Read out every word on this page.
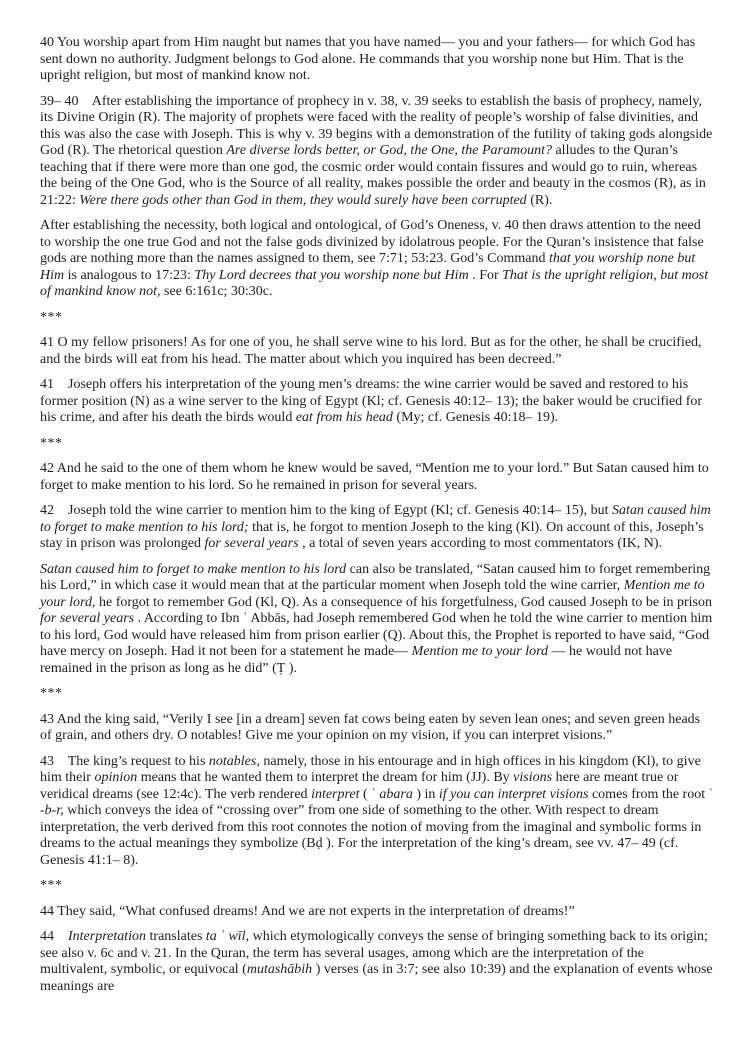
40 You worship apart from Him naught but names that you have named— you and your fathers— for which God has sent down no authority. Judgment belongs to God alone. He commands that you worship none but Him. That is the upright religion, but most of mankind know not.

39– 40    After establishing the importance of prophecy in v. 38, v. 39 seeks to establish the basis of prophecy, namely, its Divine Origin (R). The majority of prophets were faced with the reality of people’s worship of false divinities, and this was also the case with Joseph. This is why v. 39 begins with a demonstration of the futility of taking gods alongside God (R). The rhetorical question Are diverse lords better, or God, the One, the Paramount? alludes to the Quran’s teaching that if there were more than one god, the cosmic order would contain fissures and would go to ruin, whereas the being of the One God, who is the Source of all reality, makes possible the order and beauty in the cosmos (R), as in 21:22: Were there gods other than God in them, they would surely have been corrupted (R).

After establishing the necessity, both logical and ontological, of God’s Oneness, v. 40 then draws attention to the need to worship the one true God and not the false gods divinized by idolatrous people. For the Quran’s insistence that false gods are nothing more than the names assigned to them, see 7:71; 53:23. God’s Command that you worship none but Him is analogous to 17:23: Thy Lord decrees that you worship none but Him . For That is the upright religion, but most of mankind know not, see 6:161c; 30:30c.

***

41 O my fellow prisoners! As for one of you, he shall serve wine to his lord. But as for the other, he shall be crucified, and the birds will eat from his head. The matter about which you inquired has been decreed.”

41    Joseph offers his interpretation of the young men’s dreams: the wine carrier would be saved and restored to his former position (N) as a wine server to the king of Egypt (Kl; cf. Genesis 40:12– 13); the baker would be crucified for his crime, and after his death the birds would eat from his head (My; cf. Genesis 40:18– 19).

***

42 And he said to the one of them whom he knew would be saved, “Mention me to your lord.” But Satan caused him to forget to make mention to his lord. So he remained in prison for several years.

42    Joseph told the wine carrier to mention him to the king of Egypt (Kl; cf. Genesis 40:14– 15), but Satan caused him to forget to make mention to his lord; that is, he forgot to mention Joseph to the king (Kl). On account of this, Joseph’s stay in prison was prolonged for several years , a total of seven years according to most commentators (IK, N).

Satan caused him to forget to make mention to his lord can also be translated, “Satan caused him to forget remembering his Lord,” in which case it would mean that at the particular moment when Joseph told the wine carrier, Mention me to your lord, he forgot to remember God (Kl, Q). As a consequence of his forgetfulness, God caused Joseph to be in prison for several years . According to Ibn ʿ Abbās, had Joseph remembered God when he told the wine carrier to mention him to his lord, God would have released him from prison earlier (Q). About this, the Prophet is reported to have said, “God have mercy on Joseph. Had it not been for a statement he made— Mention me to your lord — he would not have remained in the prison as long as he did” (Ṭ ).

***

43 And the king said, “Verily I see [in a dream] seven fat cows being eaten by seven lean ones; and seven green heads of grain, and others dry. O notables! Give me your opinion on my vision, if you can interpret visions.”

43    The king’s request to his notables, namely, those in his entourage and in high offices in his kingdom (Kl), to give him their opinion means that he wanted them to interpret the dream for him (JJ). By visions here are meant true or veridical dreams (see 12:4c). The verb rendered interpret ( ʿ abara ) in if you can interpret visions comes from the root ʿ -b-r, which conveys the idea of “crossing over” from one side of something to the other. With respect to dream interpretation, the verb derived from this root connotes the notion of moving from the imaginal and symbolic forms in dreams to the actual meanings they symbolize (Bḍ ). For the interpretation of the king’s dream, see vv. 47– 49 (cf. Genesis 41:1– 8).

***

44 They said, “What confused dreams! And we are not experts in the interpretation of dreams!”

44    Interpretation translates ta ʾ wīl, which etymologically conveys the sense of bringing something back to its origin; see also v. 6c and v. 21. In the Quran, the term has several usages, among which are the interpretation of the multivalent, symbolic, or equivocal (mutashābih ) verses (as in 3:7; see also 10:39) and the explanation of events whose meanings are
